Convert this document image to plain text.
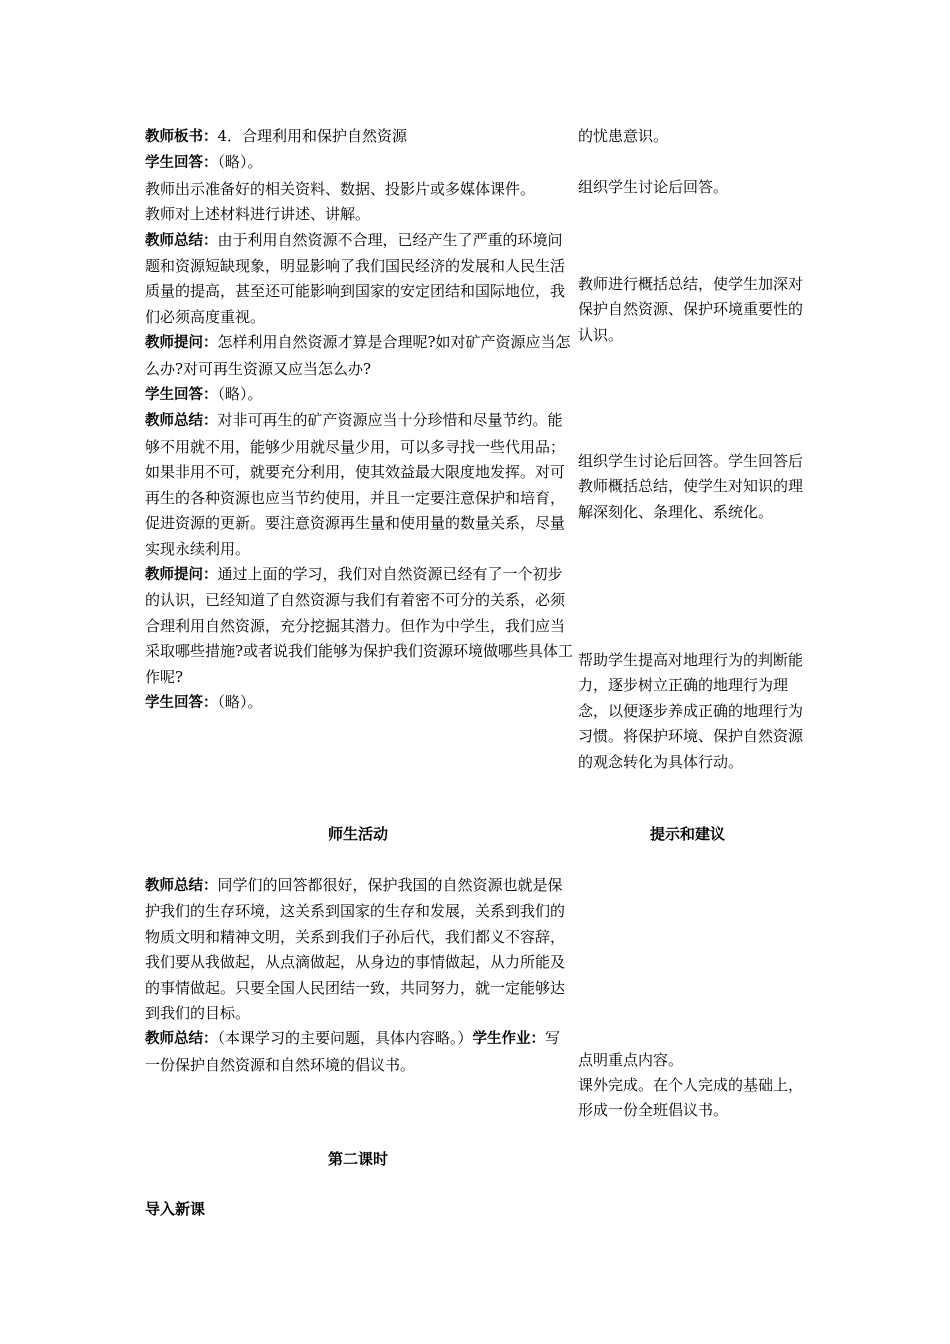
教师板书：4．合理利用和保护自然资源

学生回答：（略）。

教师出示准备好的相关资料、数据、投影片或多媒体课件。

教师对上述材料进行讲述、讲解。

教师总结：由于利用自然资源不合理，已经产生了严重的环境问题和资源短缺现象，明显影响了我们国民经济的发展和人民生活质量的提高，甚至还可能影响到国家的安定团结和国际地位，我们必须高度重视。

教师提问：怎样利用自然资源才算是合理呢?如对矿产资源应当怎么办?对可再生资源又应当怎么办?

学生回答：（略）。

教师总结：对非可再生的矿产资源应当十分珍惜和尽量节约。能够不用就不用，能够少用就尽量少用，可以多寻找一些代用品；如果非用不可，就要充分利用，使其效益最大限度地发挥。对可再生的各种资源也应当节约使用，并且一定要注意保护和培育，促进资源的更新。要注意资源再生量和使用量的数量关系，尽量实现永续利用。

教师提问：通过上面的学习，我们对自然资源已经有了一个初步的认识，已经知道了自然资源与我们有着密不可分的关系，必须合理利用自然资源，充分挖掘其潜力。但作为中学生，我们应当采取哪些措施?或者说我们能够为保护我们资源环境做哪些具体工作呢?

学生回答：（略）。

的忧患意识。
组织学生讨论后回答。
教师进行概括总结，使学生加深对保护自然资源、保护环境重要性的认识。
组织学生讨论后回答。学生回答后教师概括总结，使学生对知识的理解深刻化、条理化、系统化。
帮助学生提高对地理行为的判断能力，逐步树立正确的地理行为理念，以便逐步养成正确的地理行为习惯。将保护环境、保护自然资源的观念转化为具体行动。
师生活动	提示和建议

教师总结：同学们的回答都很好，保护我国的自然资源也就是保护我们的生存环境，这关系到国家的生存和发展，关系到我们的物质文明和精神文明，关系到我们子孙后代，我们都义不容辞，我们要从我做起，从点滴做起，从身边的事情做起，从力所能及的事情做起。只要全国人民团结一致，共同努力，就一定能够达到我们的目标。

教师总结：（本课学习的主要问题，具体内容略。）学生作业：写一份保护自然资源和自然环境的倡议书。	点明重点内容。
课外完成。在个人完成的基础上，形成一份全班倡议书。
第二课时
导入新课
